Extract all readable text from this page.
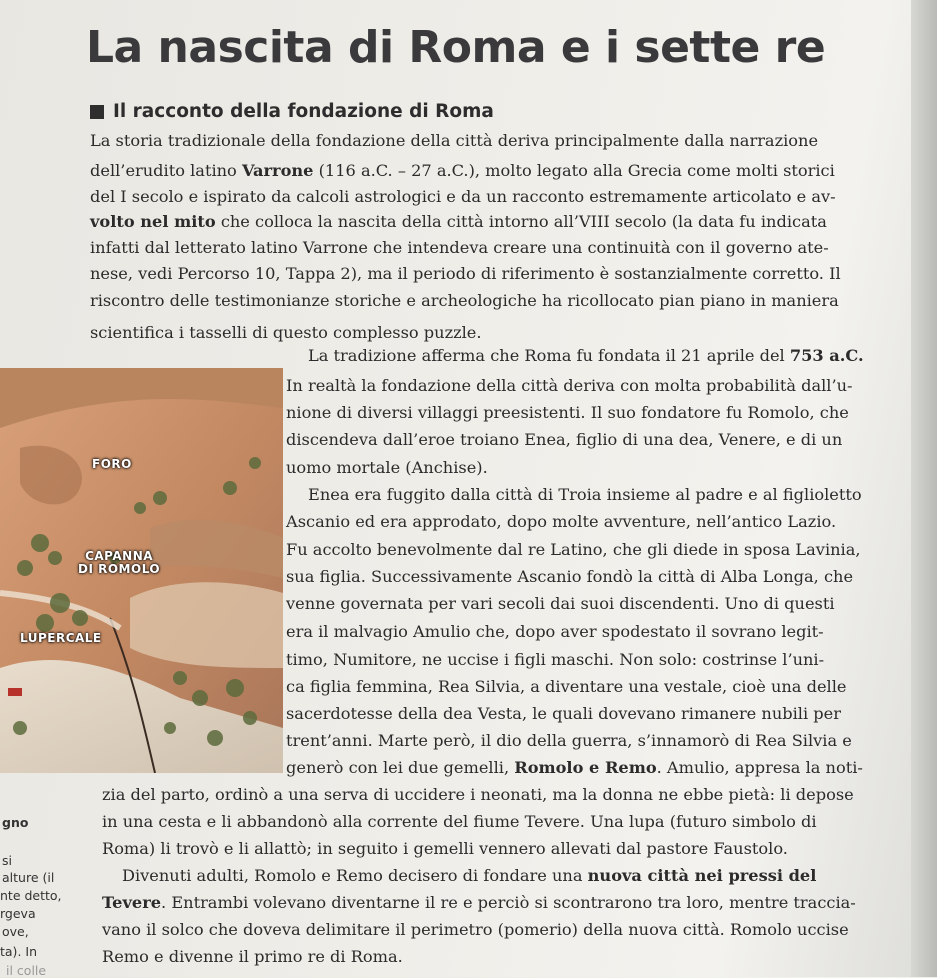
La nascita di Roma e i sette re
Il racconto della fondazione di Roma
La storia tradizionale della fondazione della città deriva principalmente dalla narrazione
dell’erudito latino Varrone (116 a.C. – 27 a.C.), molto legato alla Grecia come molti storici
del I secolo e ispirato da calcoli astrologici e da un racconto estremamente articolato e av-
volto nel mito che colloca la nascita della città intorno all’VIII secolo (la data fu indicata
infatti dal letterato latino Varrone che intendeva creare una continuità con il governo ate-
nese, vedi Percorso 10, Tappa 2), ma il periodo di riferimento è sostanzialmente corretto. Il
riscontro delle testimonianze storiche e archeologiche ha ricollocato pian piano in maniera
scientifica i tasselli di questo complesso puzzle.
FORO
CAPANNA
DI ROMOLO
LUPERCALE
La tradizione afferma che Roma fu fondata il 21 aprile del 753 a.C.
In realtà la fondazione della città deriva con molta probabilità dall’u-
nione di diversi villaggi preesistenti. Il suo fondatore fu Romolo, che
discendeva dall’eroe troiano Enea, figlio di una dea, Venere, e di un
uomo mortale (Anchise).
Enea era fuggito dalla città di Troia insieme al padre e al figlioletto
Ascanio ed era approdato, dopo molte avventure, nell’antico Lazio.
Fu accolto benevolmente dal re Latino, che gli diede in sposa Lavinia,
sua figlia. Successivamente Ascanio fondò la città di Alba Longa, che
venne governata per vari secoli dai suoi discendenti. Uno di questi
era il malvagio Amulio che, dopo aver spodestato il sovrano legit-
timo, Numitore, ne uccise i figli maschi. Non solo: costrinse l’uni-
ca figlia femmina, Rea Silvia, a diventare una vestale, cioè una delle
sacerdotesse della dea Vesta, le quali dovevano rimanere nubili per
trent’anni. Marte però, il dio della guerra, s’innamorò di Rea Silvia e
generò con lei due gemelli, Romolo e Remo. Amulio, appresa la noti-
zia del parto, ordinò a una serva di uccidere i neonati, ma la donna ne ebbe pietà: li depose
in una cesta e li abbandonò alla corrente del fiume Tevere. Una lupa (futuro simbolo di
Roma) li trovò e li allattò; in seguito i gemelli vennero allevati dal pastore Faustolo.
Divenuti adulti, Romolo e Remo decisero di fondare una nuova città nei pressi del
Tevere. Entrambi volevano diventarne il re e perciò si scontrarono tra loro, mentre traccia-
vano il solco che doveva delimitare il perimetro (pomerio) della nuova città. Romolo uccise
Remo e divenne il primo re di Roma.
gno
si
alture (il
nte detto,
rgeva
ove,
ta). In
il colle
